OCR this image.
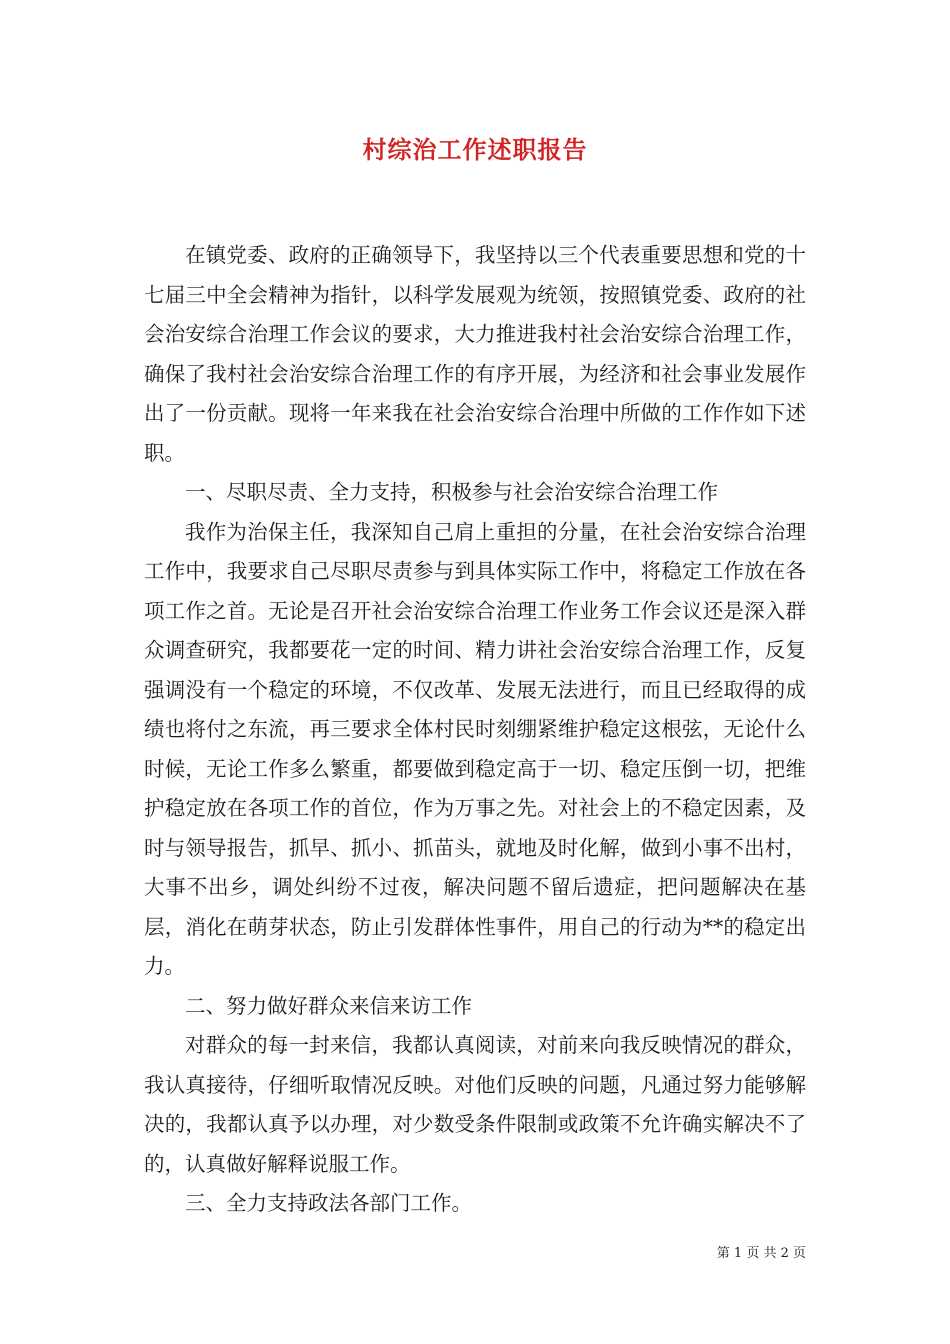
村综治工作述职报告

在镇党委、政府的正确领导下，我坚持以三个代表重要思想和党的十七届三中全会精神为指针，以科学发展观为统领，按照镇党委、政府的社会治安综合治理工作会议的要求，大力推进我村社会治安综合治理工作，确保了我村社会治安综合治理工作的有序开展，为经济和社会事业发展作出了一份贡献。现将一年来我在社会治安综合治理中所做的工作作如下述职。

一、尽职尽责、全力支持，积极参与社会治安综合治理工作

我作为治保主任，我深知自己肩上重担的分量，在社会治安综合治理工作中，我要求自己尽职尽责参与到具体实际工作中，将稳定工作放在各项工作之首。无论是召开社会治安综合治理工作业务工作会议还是深入群众调查研究，我都要花一定的时间、精力讲社会治安综合治理工作，反复强调没有一个稳定的环境，不仅改革、发展无法进行，而且已经取得的成绩也将付之东流，再三要求全体村民时刻绷紧维护稳定这根弦，无论什么时候，无论工作多么繁重，都要做到稳定高于一切、稳定压倒一切，把维护稳定放在各项工作的首位，作为万事之先。对社会上的不稳定因素，及时与领导报告，抓早、抓小、抓苗头，就地及时化解，做到小事不出村，大事不出乡，调处纠纷不过夜，解决问题不留后遗症，把问题解决在基层，消化在萌芽状态，防止引发群体性事件，用自己的行动为**的稳定出力。

二、努力做好群众来信来访工作

对群众的每一封来信，我都认真阅读，对前来向我反映情况的群众，我认真接待，仔细听取情况反映。对他们反映的问题，凡通过努力能够解决的，我都认真予以办理，对少数受条件限制或政策不允许确实解决不了的，认真做好解释说服工作。

三、全力支持政法各部门工作。

第 1 页 共 2 页
